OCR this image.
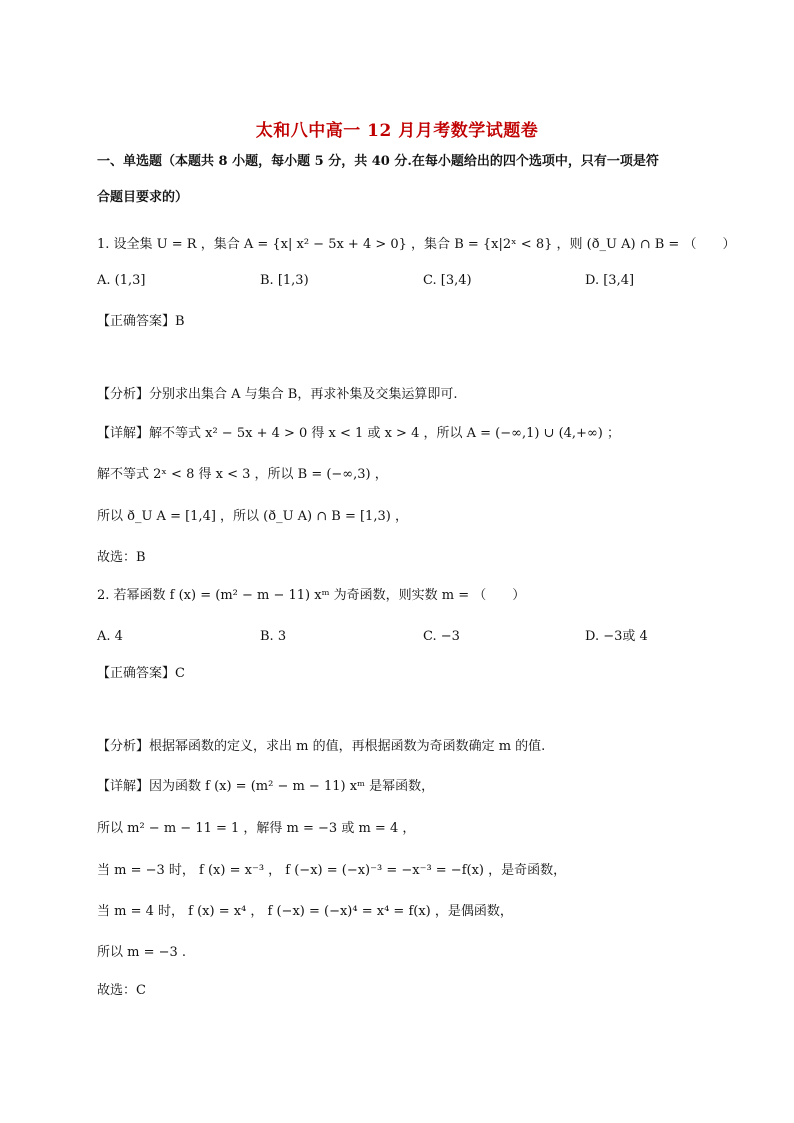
太和八中高一 12 月月考数学试题卷
一、单选题（本题共 8 小题，每小题 5 分，共 40 分.在每小题给出的四个选项中，只有一项是符
合题目要求的）
1. 设全集 U = R ，集合 A = {x| x² − 5x + 4 > 0} ，集合 B = {x|2ˣ < 8} ，则 (ð_U A) ∩ B = （　　）
A. (1,3]	B. [1,3)	C. [3,4)	D. [3,4]
【正确答案】B
【分析】分别求出集合 A 与集合 B，再求补集及交集运算即可.
【详解】解不等式 x² − 5x + 4 > 0 得 x < 1 或 x > 4 ，所以 A = (−∞,1) ∪ (4,+∞) ；
解不等式 2ˣ < 8 得 x < 3 ，所以 B = (−∞,3) ，
所以 ð_U A = [1,4] ，所以 (ð_U A) ∩ B = [1,3) ，
故选：B
2. 若幂函数 f (x) = (m² − m − 11) xᵐ 为奇函数，则实数 m = （　　）
A. 4	B. 3	C. −3	D. −3或 4
【正确答案】C
【分析】根据幂函数的定义，求出 m 的值，再根据函数为奇函数确定 m 的值.
【详解】因为函数 f (x) = (m² − m − 11) xᵐ 是幂函数，
所以 m² − m − 11 = 1 ，解得 m = −3 或 m = 4 ，
当 m = −3 时， f (x) = x⁻³ ， f (−x) = (−x)⁻³ = −x⁻³ = −f(x) ，是奇函数，
当 m = 4 时， f (x) = x⁴ ， f (−x) = (−x)⁴ = x⁴ = f(x) ，是偶函数，
所以 m = −3 .
故选：C
